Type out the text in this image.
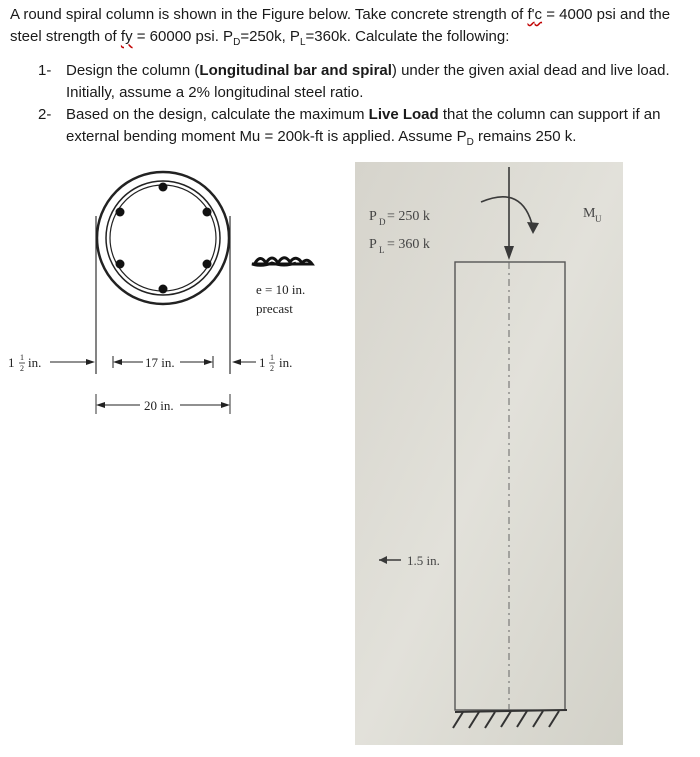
A round spiral column is shown in the Figure below. Take concrete strength of f'c = 4000 psi and the steel strength of fy = 60000 psi. $P_D=250k$, $P_L=360k$. Calculate the following:

1- Design the column (Longitudinal bar and spiral) under the given axial dead and live load. Initially, assume a 2% longitudinal steel ratio.
2- Based on the design, calculate the maximum Live Load that the column can support if an external bending moment Mu = 200k-ft is applied. Assume $P_D$ remains 250 k.
e = 10 in.
precast
1 1
2 in.	17 in.	1 1
2 in.
20 in.
P D = 250 k
P L = 360 k
M U
1.5 in.
